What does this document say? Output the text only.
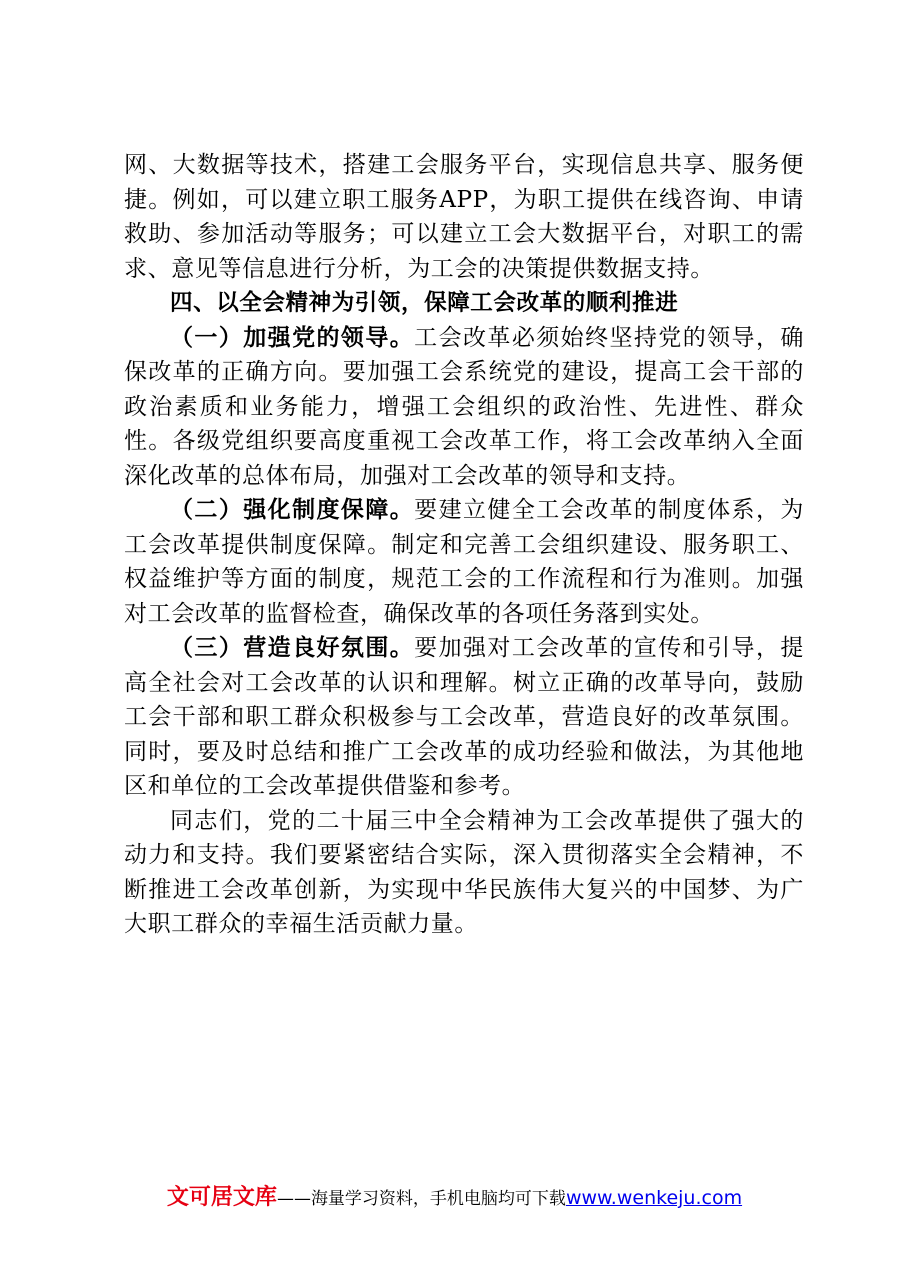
网、大数据等技术，搭建工会服务平台，实现信息共享、服务便捷。例如，可以建立职工服务APP，为职工提供在线咨询、申请救助、参加活动等服务；可以建立工会大数据平台，对职工的需求、意见等信息进行分析，为工会的决策提供数据支持。

四、以全会精神为引领，保障工会改革的顺利推进

（一）加强党的领导。工会改革必须始终坚持党的领导，确保改革的正确方向。要加强工会系统党的建设，提高工会干部的政治素质和业务能力，增强工会组织的政治性、先进性、群众性。各级党组织要高度重视工会改革工作，将工会改革纳入全面深化改革的总体布局，加强对工会改革的领导和支持。

（二）强化制度保障。要建立健全工会改革的制度体系，为工会改革提供制度保障。制定和完善工会组织建设、服务职工、权益维护等方面的制度，规范工会的工作流程和行为准则。加强对工会改革的监督检查，确保改革的各项任务落到实处。

（三）营造良好氛围。要加强对工会改革的宣传和引导，提高全社会对工会改革的认识和理解。树立正确的改革导向，鼓励工会干部和职工群众积极参与工会改革，营造良好的改革氛围。同时，要及时总结和推广工会改革的成功经验和做法，为其他地区和单位的工会改革提供借鉴和参考。

同志们，党的二十届三中全会精神为工会改革提供了强大的动力和支持。我们要紧密结合实际，深入贯彻落实全会精神，不断推进工会改革创新，为实现中华民族伟大复兴的中国梦、为广大职工群众的幸福生活贡献力量。

文可居文库——海量学习资料，手机电脑均可下载www.wenkeju.com
